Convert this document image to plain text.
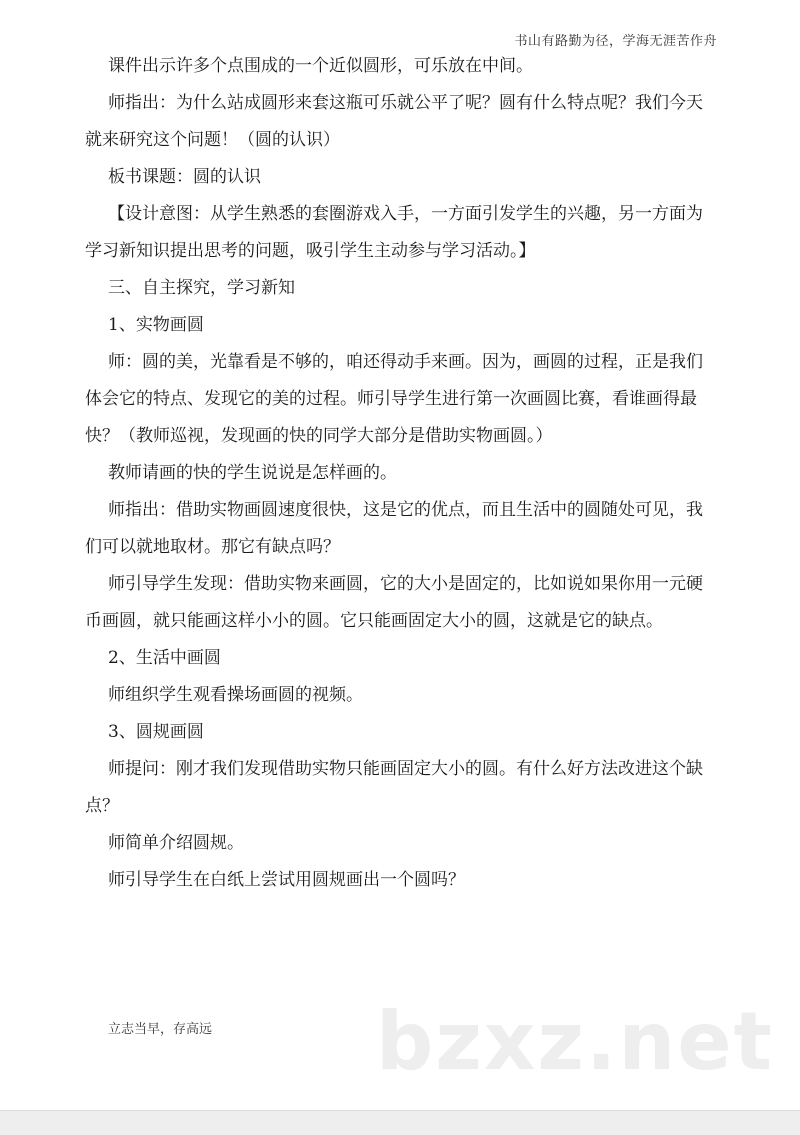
书山有路勤为径，学海无涯苦作舟

课件出示许多个点围成的一个近似圆形，可乐放在中间。

师指出：为什么站成圆形来套这瓶可乐就公平了呢？圆有什么特点呢？我们今天就来研究这个问题！（圆的认识）

板书课题：圆的认识

【设计意图：从学生熟悉的套圈游戏入手，一方面引发学生的兴趣，另一方面为学习新知识提出思考的问题，吸引学生主动参与学习活动。】

三、自主探究，学习新知

1、实物画圆

师：圆的美，光靠看是不够的，咱还得动手来画。因为，画圆的过程，正是我们体会它的特点、发现它的美的过程。师引导学生进行第一次画圆比赛，看谁画得最快？（教师巡视，发现画的快的同学大部分是借助实物画圆。）

教师请画的快的学生说说是怎样画的。

师指出：借助实物画圆速度很快，这是它的优点，而且生活中的圆随处可见，我们可以就地取材。那它有缺点吗？

师引导学生发现：借助实物来画圆，它的大小是固定的，比如说如果你用一元硬币画圆，就只能画这样小小的圆。它只能画固定大小的圆，这就是它的缺点。

2、生活中画圆

师组织学生观看操场画圆的视频。

3、圆规画圆

师提问：刚才我们发现借助实物只能画固定大小的圆。有什么好方法改进这个缺点？

师简单介绍圆规。

师引导学生在白纸上尝试用圆规画出一个圆吗？

bzxz.net
立志当早，存高远
